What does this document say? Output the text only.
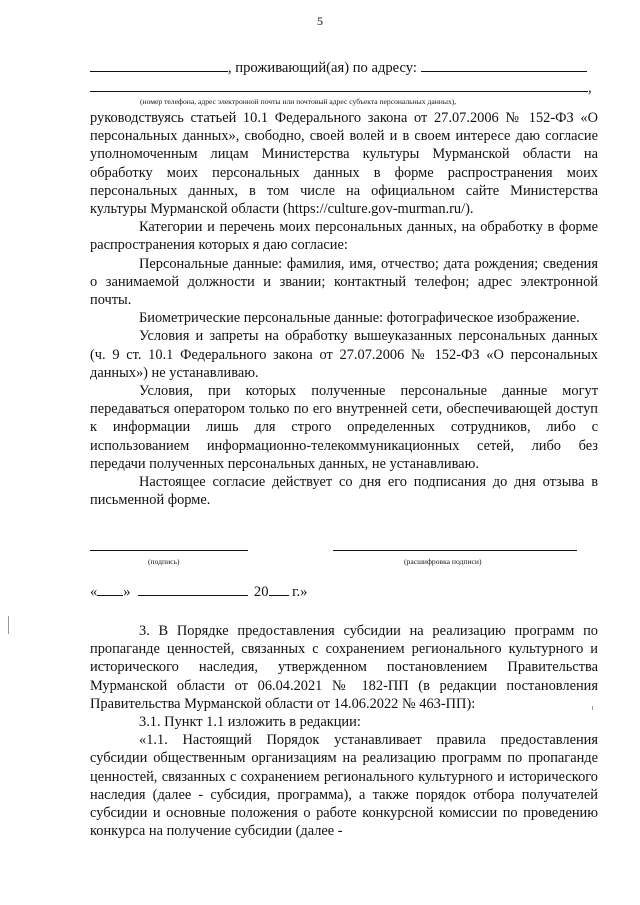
5
, проживающий(ая) по адресу:
,
(номер телефона, адрес электронной почты или почтовый адрес субъекта персональных данных),

руководствуясь статьей 10.1 Федерального закона от 27.07.2006 № 152-ФЗ «О персональных данных», свободно, своей волей и в своем интересе даю согласие уполномоченным лицам Министерства культуры Мурманской области на обработку моих персональных данных в форме распространения моих персональных данных, в том числе на официальном сайте Министерства культуры Мурманской области (https://culture.gov-murman.ru/).

Категории и перечень моих персональных данных, на обработку в форме распространения которых я даю согласие:

Персональные данные: фамилия, имя, отчество; дата рождения; сведения о занимаемой должности и звании; контактный телефон; адрес электронной почты.

Биометрические персональные данные: фотографическое изображение.

Условия и запреты на обработку вышеуказанных персональных данных (ч. 9 ст. 10.1 Федерального закона от 27.07.2006 № 152-ФЗ «О персональных данных») не устанавливаю.

Условия, при которых полученные персональные данные могут передаваться оператором только по его внутренней сети, обеспечивающей доступ к информации лишь для строго определенных сотрудников, либо с использованием информационно-телекоммуникационных сетей, либо без передачи полученных персональных данных, не устанавливаю.

Настоящее согласие действует со дня его подписания до дня отзыва в письменной форме.

(подпись)	(расшифровка подписи)
« »	20 г.»

3. В Порядке предоставления субсидии на реализацию программ по пропаганде ценностей, связанных с сохранением регионального культурного и исторического наследия, утвержденном постановлением Правительства Мурманской области от 06.04.2021 № 182-ПП (в редакции постановления Правительства Мурманской области от 14.06.2022 № 463-ПП):

3.1. Пункт 1.1 изложить в редакции:

«1.1. Настоящий Порядок устанавливает правила предоставления субсидии общественным организациям на реализацию программ по пропаганде ценностей, связанных с сохранением регионального культурного и исторического наследия (далее - субсидия, программа), а также порядок отбора получателей субсидии и основные положения о работе конкурсной комиссии по проведению конкурса на получение субсидии (далее -
